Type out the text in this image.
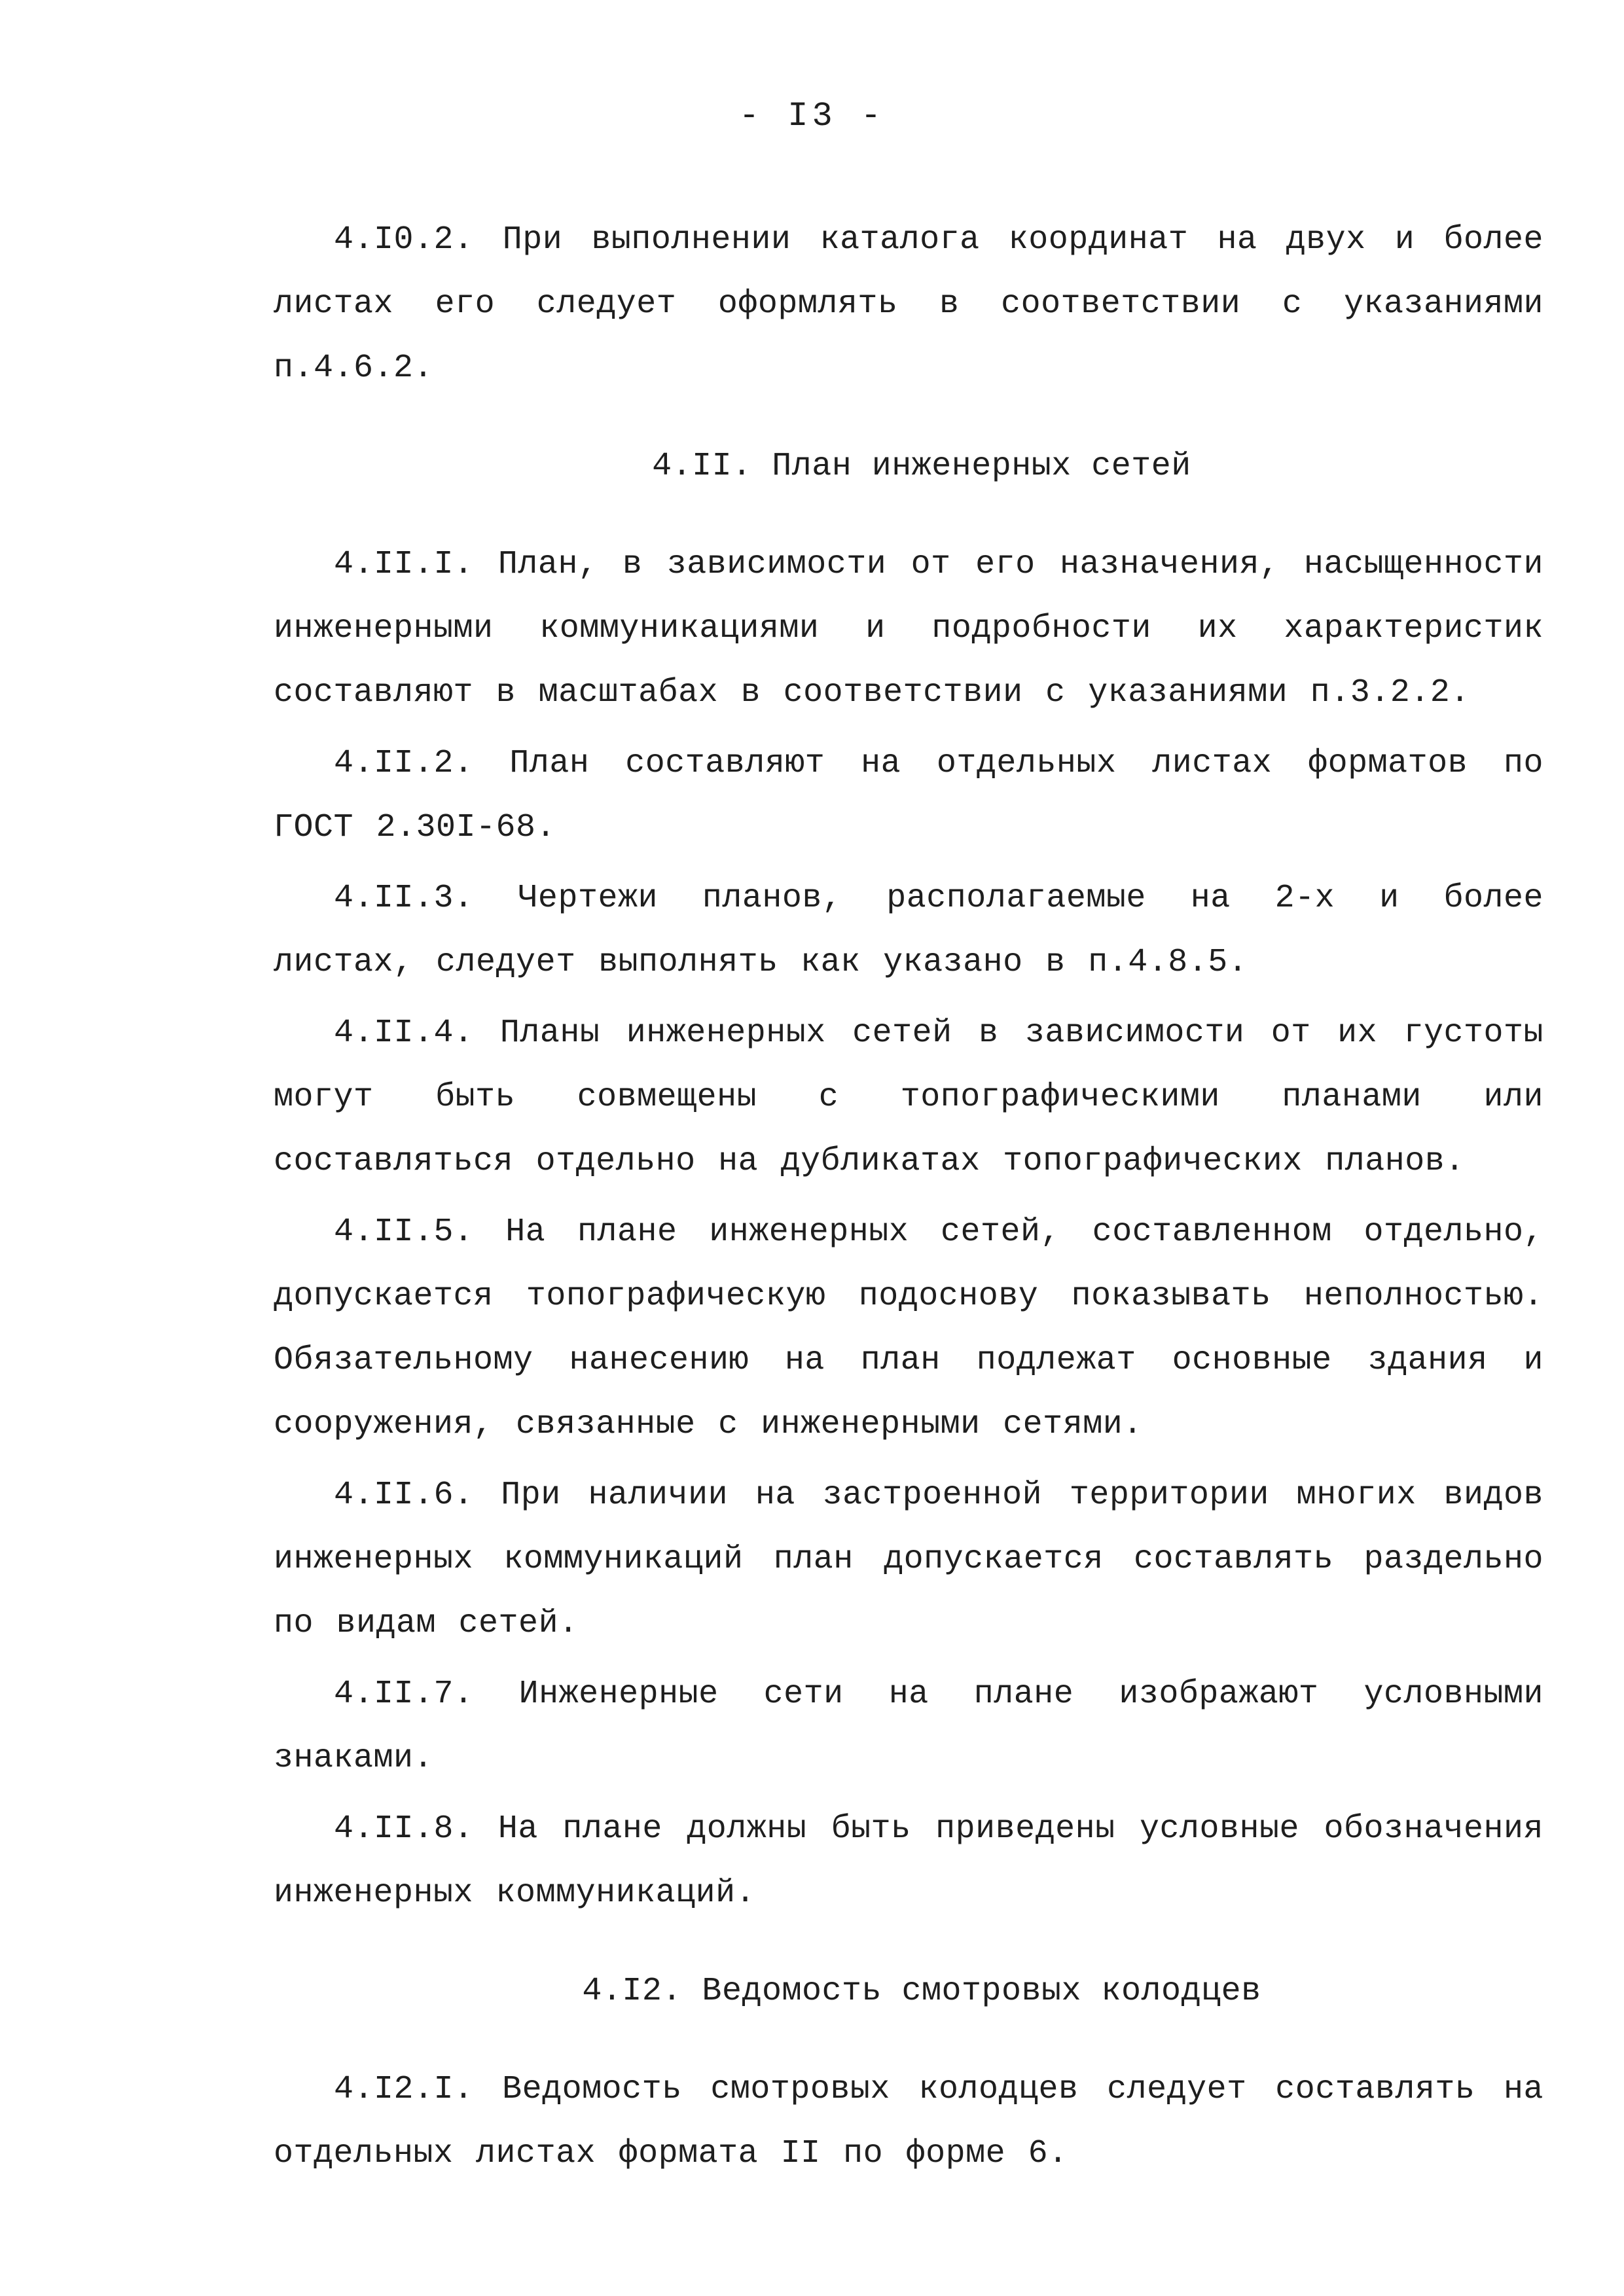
- I3 -

4.I0.2. При выполнении каталога координат на двух и более листах его следует оформлять в соответствии с указаниями п.4.6.2.

4.II. План инженерных сетей

4.II.I. План, в зависимости от его назначения, насыщенности инженерными коммуникациями и подробности их характеристик составляют в масштабах в соответствии с указаниями п.3.2.2.

4.II.2. План составляют на отдельных листах форматов по ГОСТ 2.30I-68.

4.II.3. Чертежи планов, располагаемые на 2-х и более листах, следует выполнять как указано в п.4.8.5.

4.II.4. Планы инженерных сетей в зависимости от их густоты могут быть совмещены с топографическими планами или составляться отдельно на дубликатах топографических планов.

4.II.5. На плане инженерных сетей, составленном отдельно, допускается топографическую подоснову показывать неполностью. Обязательному нанесению на план подлежат основные здания и сооружения, связанные с инженерными сетями.

4.II.6. При наличии на застроенной территории многих видов инженерных коммуникаций план допускается составлять раздельно по видам сетей.

4.II.7. Инженерные сети на плане изображают условными знаками.

4.II.8. На плане должны быть приведены условные обозначения инженерных коммуникаций.

4.I2. Ведомость смотровых колодцев

4.I2.I. Ведомость смотровых колодцев следует составлять на отдельных листах формата II по форме 6.
